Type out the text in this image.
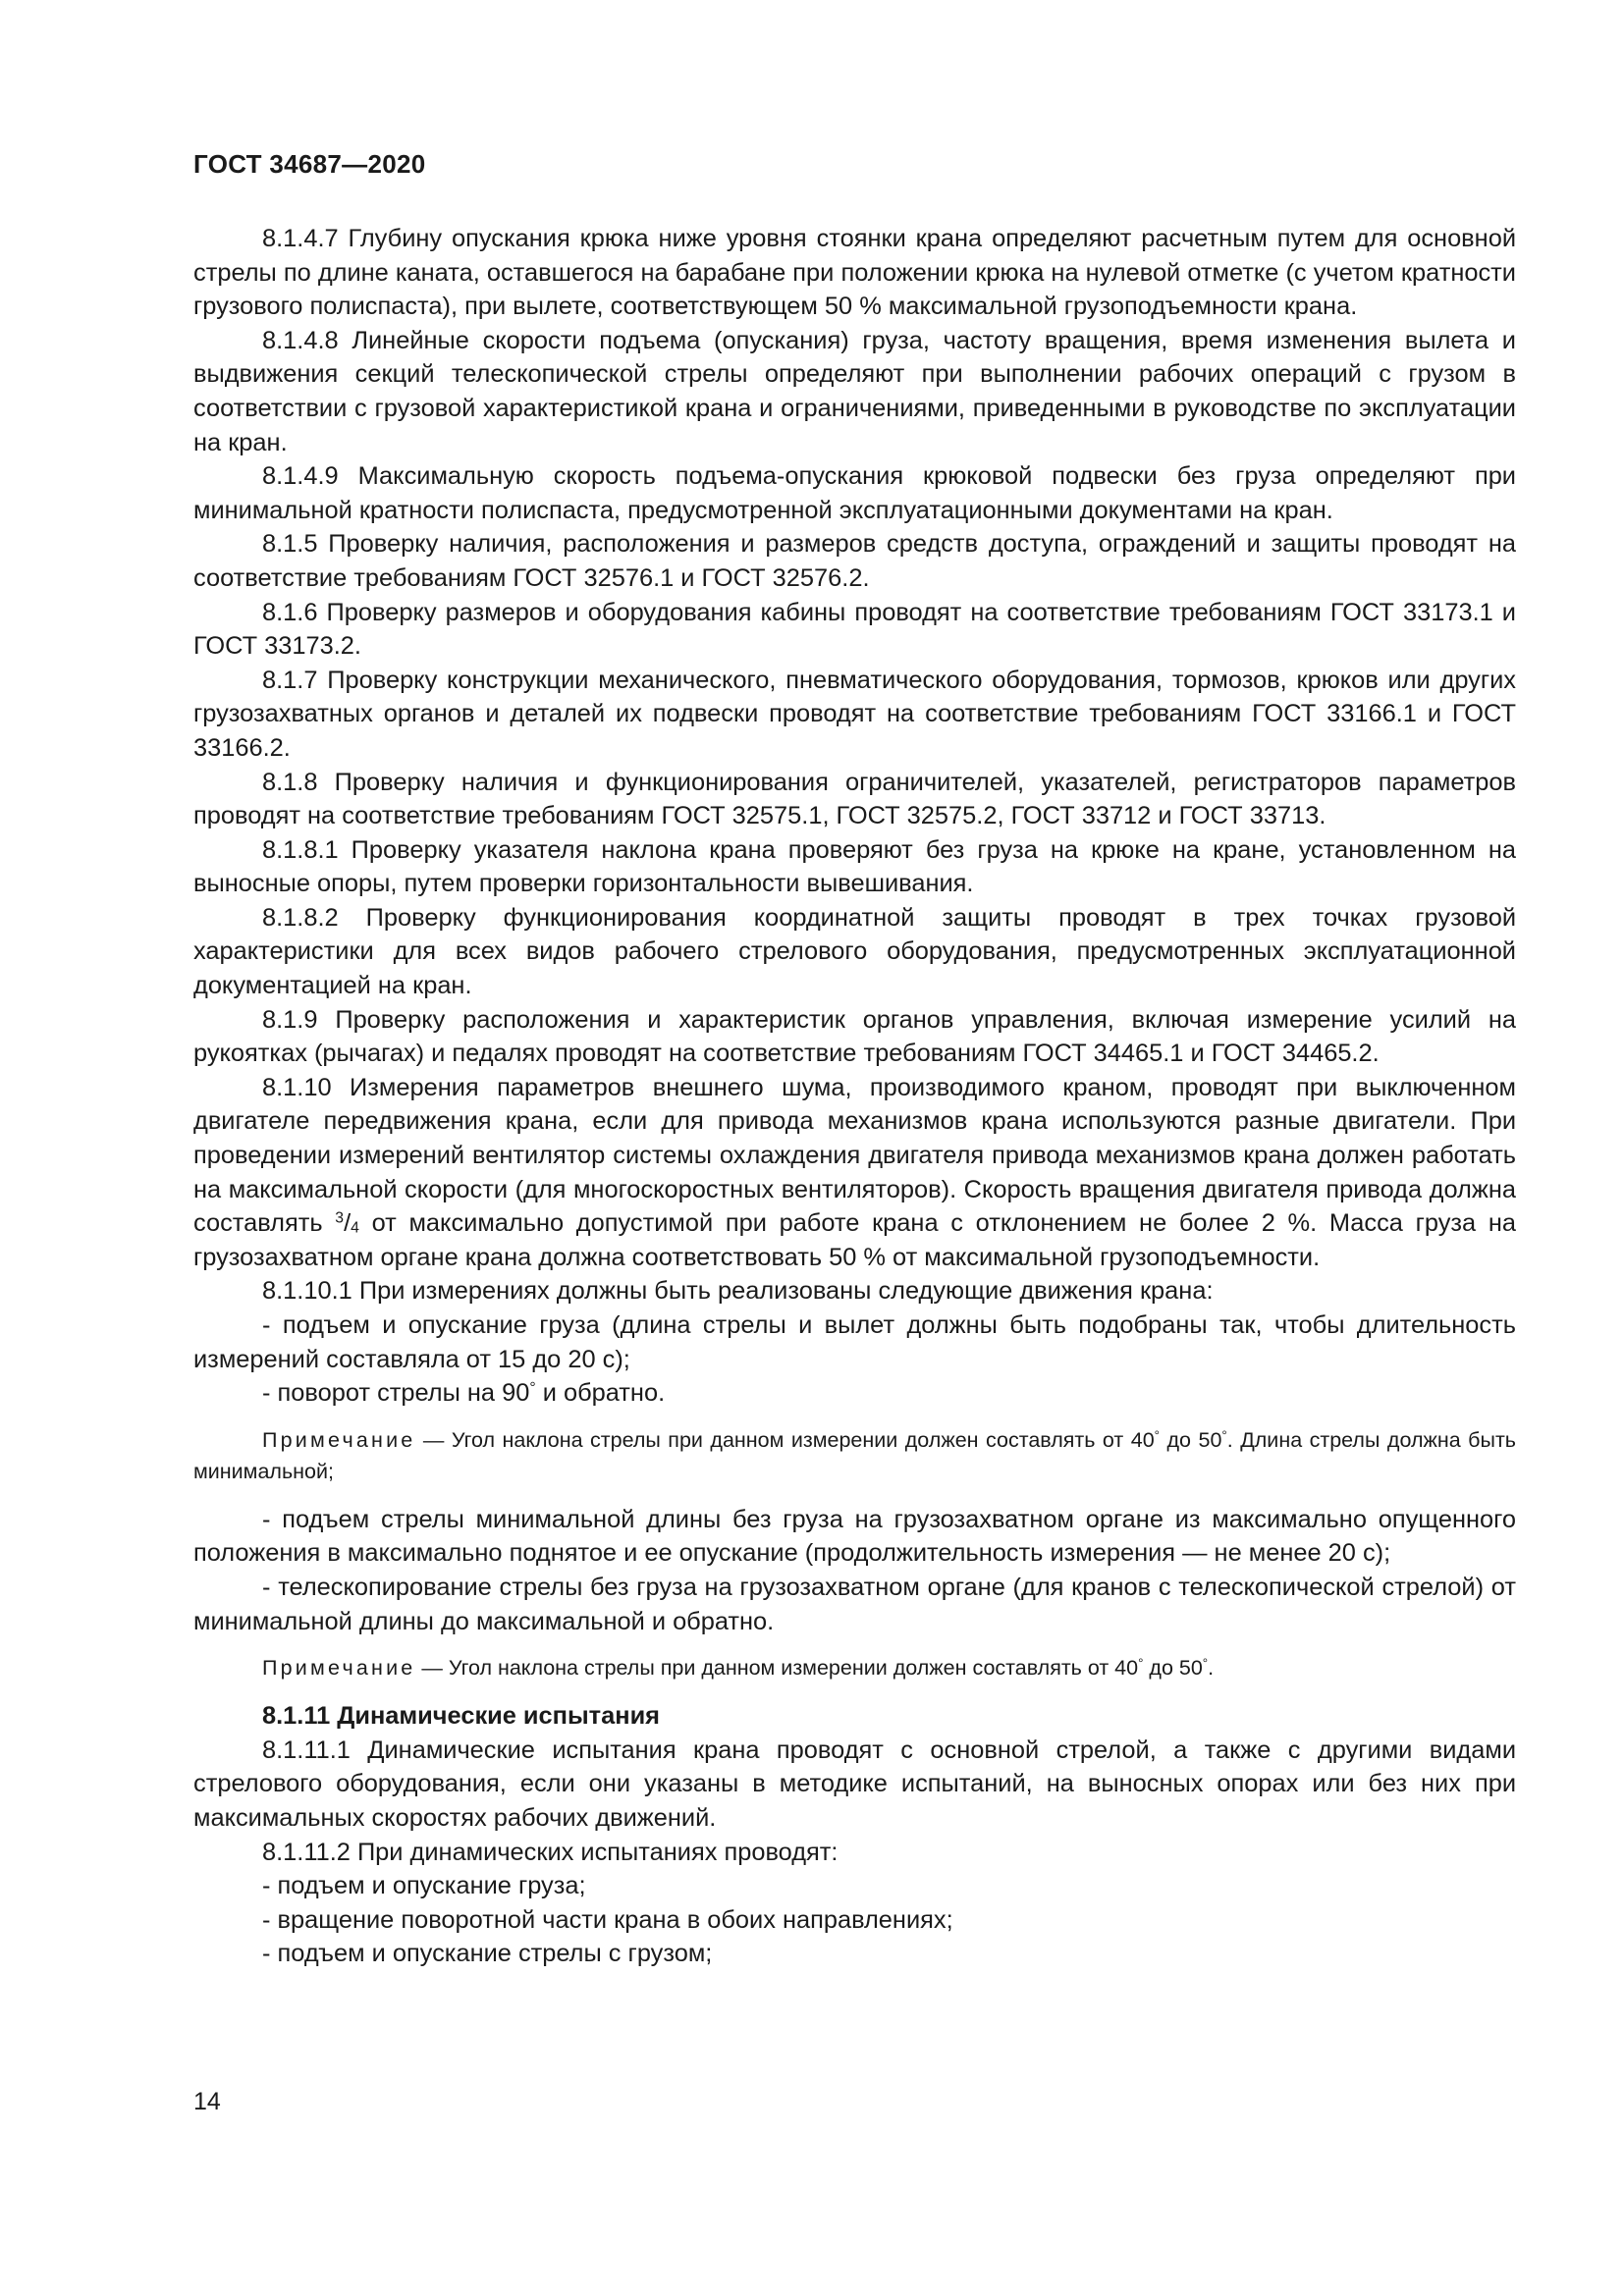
ГОСТ 34687—2020

8.1.4.7 Глубину опускания крюка ниже уровня стоянки крана определяют расчетным путем для основной стрелы по длине каната, оставшегося на барабане при положении крюка на нулевой отметке (с учетом кратности грузового полиспаста), при вылете, соответствующем 50 % максимальной грузоподъемности крана.

8.1.4.8 Линейные скорости подъема (опускания) груза, частоту вращения, время изменения вылета и выдвижения секций телескопической стрелы определяют при выполнении рабочих операций с грузом в соответствии с грузовой характеристикой крана и ограничениями, приведенными в руководстве по эксплуатации на кран.

8.1.4.9 Максимальную скорость подъема-опускания крюковой подвески без груза определяют при минимальной кратности полиспаста, предусмотренной эксплуатационными документами на кран.

8.1.5 Проверку наличия, расположения и размеров средств доступа, ограждений и защиты проводят на соответствие требованиям ГОСТ 32576.1 и ГОСТ 32576.2.

8.1.6 Проверку размеров и оборудования кабины проводят на соответствие требованиям ГОСТ 33173.1 и ГОСТ 33173.2.

8.1.7 Проверку конструкции механического, пневматического оборудования, тормозов, крюков или других грузозахватных органов и деталей их подвески проводят на соответствие требованиям ГОСТ 33166.1 и ГОСТ 33166.2.

8.1.8 Проверку наличия и функционирования ограничителей, указателей, регистраторов параметров проводят на соответствие требованиям ГОСТ 32575.1, ГОСТ 32575.2, ГОСТ 33712 и ГОСТ 33713.

8.1.8.1 Проверку указателя наклона крана проверяют без груза на крюке на кране, установленном на выносные опоры, путем проверки горизонтальности вывешивания.

8.1.8.2 Проверку функционирования координатной защиты проводят в трех точках грузовой характеристики для всех видов рабочего стрелового оборудования, предусмотренных эксплуатационной документацией на кран.

8.1.9 Проверку расположения и характеристик органов управления, включая измерение усилий на рукоятках (рычагах) и педалях проводят на соответствие требованиям ГОСТ 34465.1 и ГОСТ 34465.2.

8.1.10 Измерения параметров внешнего шума, производимого краном, проводят при выключенном двигателе передвижения крана, если для привода механизмов крана используются разные двигатели. При проведении измерений вентилятор системы охлаждения двигателя привода механизмов крана должен работать на максимальной скорости (для многоскоростных вентиляторов). Скорость вращения двигателя привода должна составлять $^3/_4$ от максимально допустимой при работе крана с отклонением не более 2 %. Масса груза на грузозахватном органе крана должна соответствовать 50 % от максимальной грузоподъемности.

8.1.10.1 При измерениях должны быть реализованы следующие движения крана:

- подъем и опускание груза (длина стрелы и вылет должны быть подобраны так, чтобы длительность измерений составляла от 15 до 20 с);

- поворот стрелы на 90° и обратно.

Примечание — Угол наклона стрелы при данном измерении должен составлять от 40° до 50°. Длина стрелы должна быть минимальной;

- подъем стрелы минимальной длины без груза на грузозахватном органе из максимально опущенного положения в максимально поднятое и ее опускание (продолжительность измерения — не менее 20 с);

- телескопирование стрелы без груза на грузозахватном органе (для кранов с телескопической стрелой) от минимальной длины до максимальной и обратно.

Примечание — Угол наклона стрелы при данном измерении должен составлять от 40° до 50°.

8.1.11 Динамические испытания

8.1.11.1 Динамические испытания крана проводят с основной стрелой, а также с другими видами стрелового оборудования, если они указаны в методике испытаний, на выносных опорах или без них при максимальных скоростях рабочих движений.

8.1.11.2 При динамических испытаниях проводят:

- подъем и опускание груза;

- вращение поворотной части крана в обоих направлениях;

- подъем и опускание стрелы с грузом;

14
